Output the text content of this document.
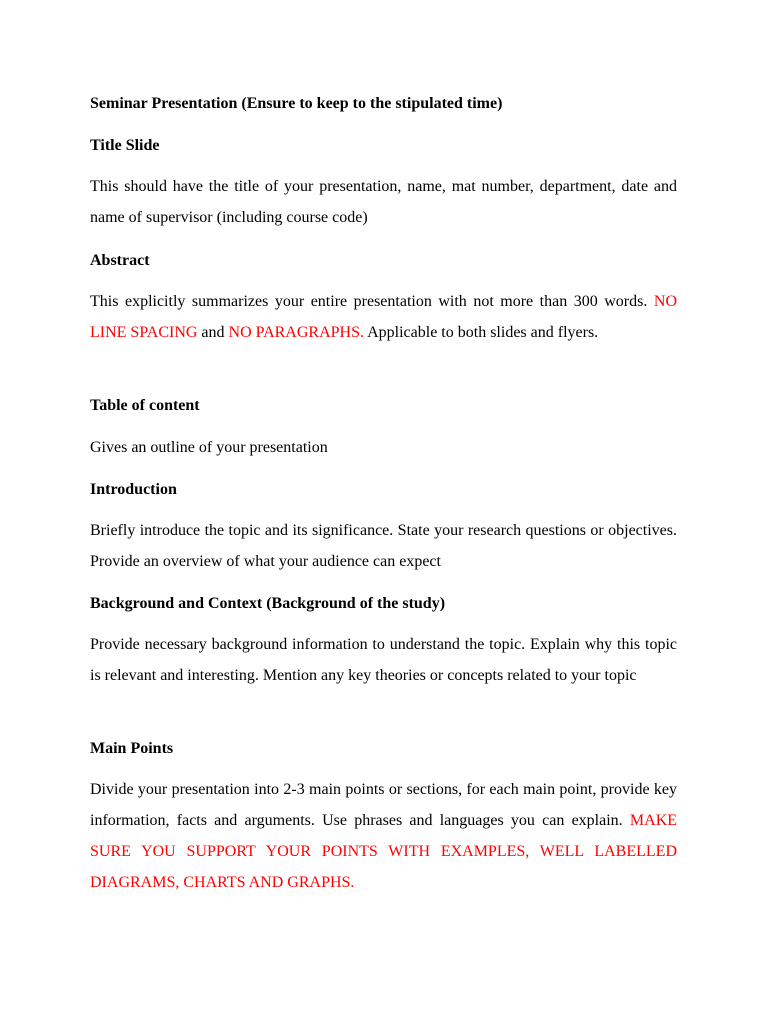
Seminar Presentation (Ensure to keep to the stipulated time)
Title Slide
This should have the title of your presentation, name, mat number, department, date and name of supervisor (including course code)
Abstract
This explicitly summarizes your entire presentation with not more than 300 words. NO LINE SPACING and NO PARAGRAPHS. Applicable to both slides and flyers.
Table of content
Gives an outline of your presentation
Introduction
Briefly introduce the topic and its significance. State your research questions or objectives. Provide an overview of what your audience can expect
Background and Context (Background of the study)
Provide necessary background information to understand the topic. Explain why this topic is relevant and interesting. Mention any key theories or concepts related to your topic
Main Points
Divide your presentation into 2-3 main points or sections, for each main point, provide key information, facts and arguments. Use phrases and languages you can explain. MAKE SURE YOU SUPPORT YOUR POINTS WITH EXAMPLES, WELL LABELLED DIAGRAMS, CHARTS AND GRAPHS.
